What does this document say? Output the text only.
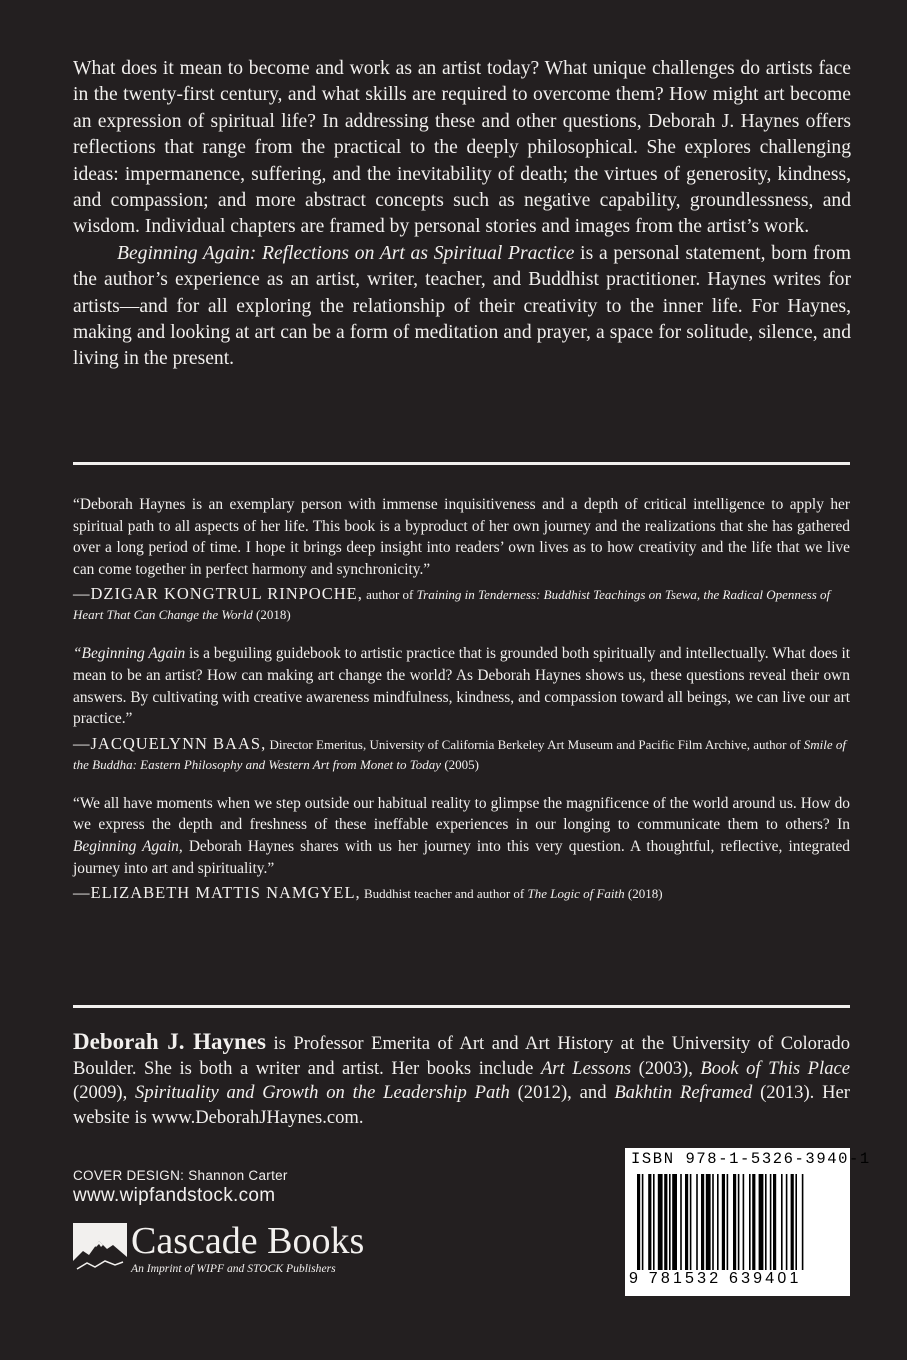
What does it mean to become and work as an artist today? What unique challenges do artists face in the twenty-first century, and what skills are required to overcome them? How might art become an expression of spiritual life? In addressing these and other questions, Deborah J. Haynes offers reflections that range from the practical to the deeply philosophical. She explores challenging ideas: impermanence, suffering, and the inevitability of death; the virtues of generosity, kindness, and compassion; and more abstract concepts such as negative capability, groundlessness, and wisdom. Individual chapters are framed by personal stories and images from the artist’s work.

Beginning Again: Reflections on Art as Spiritual Practice is a personal statement, born from the author’s experience as an artist, writer, teacher, and Buddhist practitioner. Haynes writes for artists—and for all exploring the relationship of their creativity to the inner life. For Haynes, making and looking at art can be a form of meditation and prayer, a space for solitude, silence, and living in the present.

“Deborah Haynes is an exemplary person with immense inquisitiveness and a depth of critical intelligence to apply her spiritual path to all aspects of her life. This book is a byproduct of her own journey and the realizations that she has gathered over a long period of time. I hope it brings deep insight into readers’ own lives as to how creativity and the life that we live can come together in perfect harmony and synchronicity.”

—DZIGAR KONGTRUL RINPOCHE, author of Training in Tenderness: Buddhist Teachings on Tsewa, the Radical Openness of Heart That Can Change the World (2018)

“Beginning Again is a beguiling guidebook to artistic practice that is grounded both spiritually and intellectually. What does it mean to be an artist? How can making art change the world? As Deborah Haynes shows us, these questions reveal their own answers. By cultivating with creative awareness mindfulness, kindness, and compassion toward all beings, we can live our art practice.”

—JACQUELYNN BAAS, Director Emeritus, University of California Berkeley Art Museum and Pacific Film Archive, author of Smile of the Buddha: Eastern Philosophy and Western Art from Monet to Today (2005)

“We all have moments when we step outside our habitual reality to glimpse the magnificence of the world around us. How do we express the depth and freshness of these ineffable experiences in our longing to communicate them to others? In Beginning Again, Deborah Haynes shares with us her journey into this very question. A thoughtful, reflective, integrated journey into art and spirituality.”

—ELIZABETH MATTIS NAMGYEL, Buddhist teacher and author of The Logic of Faith (2018)

Deborah J. Haynes is Professor Emerita of Art and Art History at the University of Colorado Boulder. She is both a writer and artist. Her books include Art Lessons (2003), Book of This Place (2009), Spirituality and Growth on the Leadership Path (2012), and Bakhtin Reframed (2013). Her website is www.DeborahJHaynes.com.

COVER DESIGN: Shannon Carter

www.wipfandstock.com

Cascade Books
An Imprint of WIPF and STOCK Publishers
ISBN 978-1-5326-3940-1
9 781532 639401
